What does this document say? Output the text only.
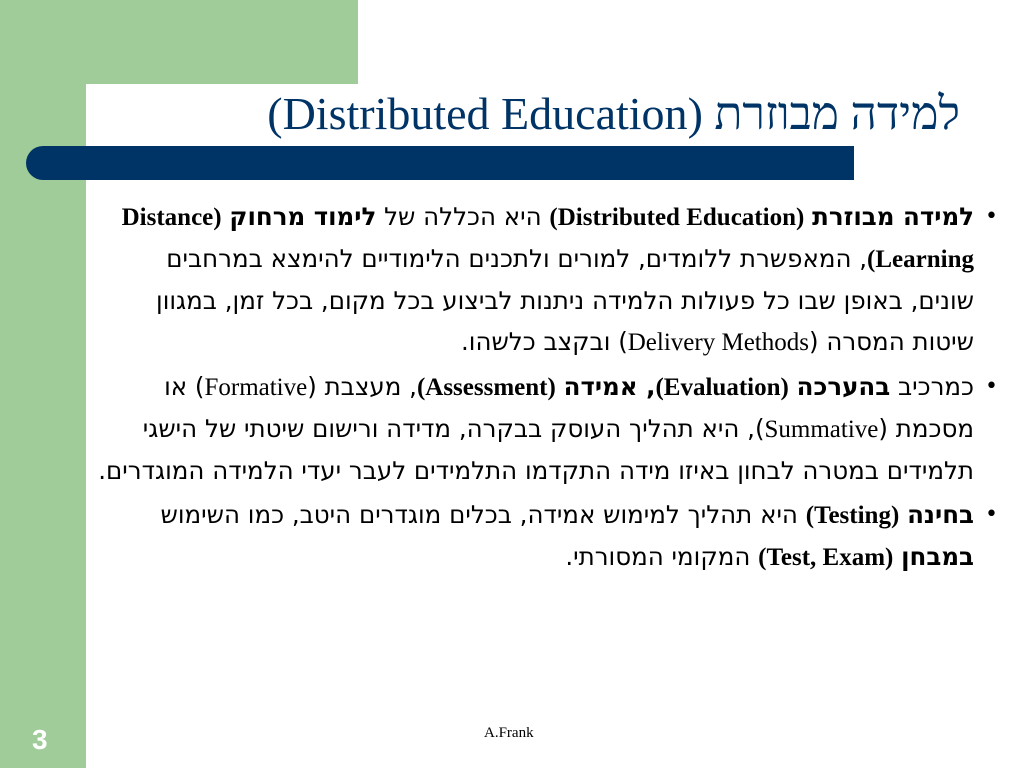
למידה מבוזרת (Distributed Education)
•
למידה מבוזרת (Distributed Education) היא הכללה של לימוד מרחוק (Distance Learning), המאפשרת ללומדים, למורים ולתכנים הלימודיים להימצא במרחבים שונים, באופן שבו כל פעולות הלמידה ניתנות לביצוע בכל מקום, בכל זמן, במגוון שיטות המסרה (Delivery Methods) ובקצב כלשהו.
•
כמרכיב בהערכה (Evaluation), אמידה (Assessment), מעצבת (Formative) או מסכמת (Summative), היא תהליך העוסק בבקרה, מדידה ורישום שיטתי של הישגי תלמידים במטרה לבחון באיזו מידה התקדמו התלמידים לעבר יעדי הלמידה המוגדרים.
•
בחינה (Testing) היא תהליך למימוש אמידה, בכלים מוגדרים היטב, כמו השימוש במבחן (Test, Exam) המקומי המסורתי.
3	A.Frank
